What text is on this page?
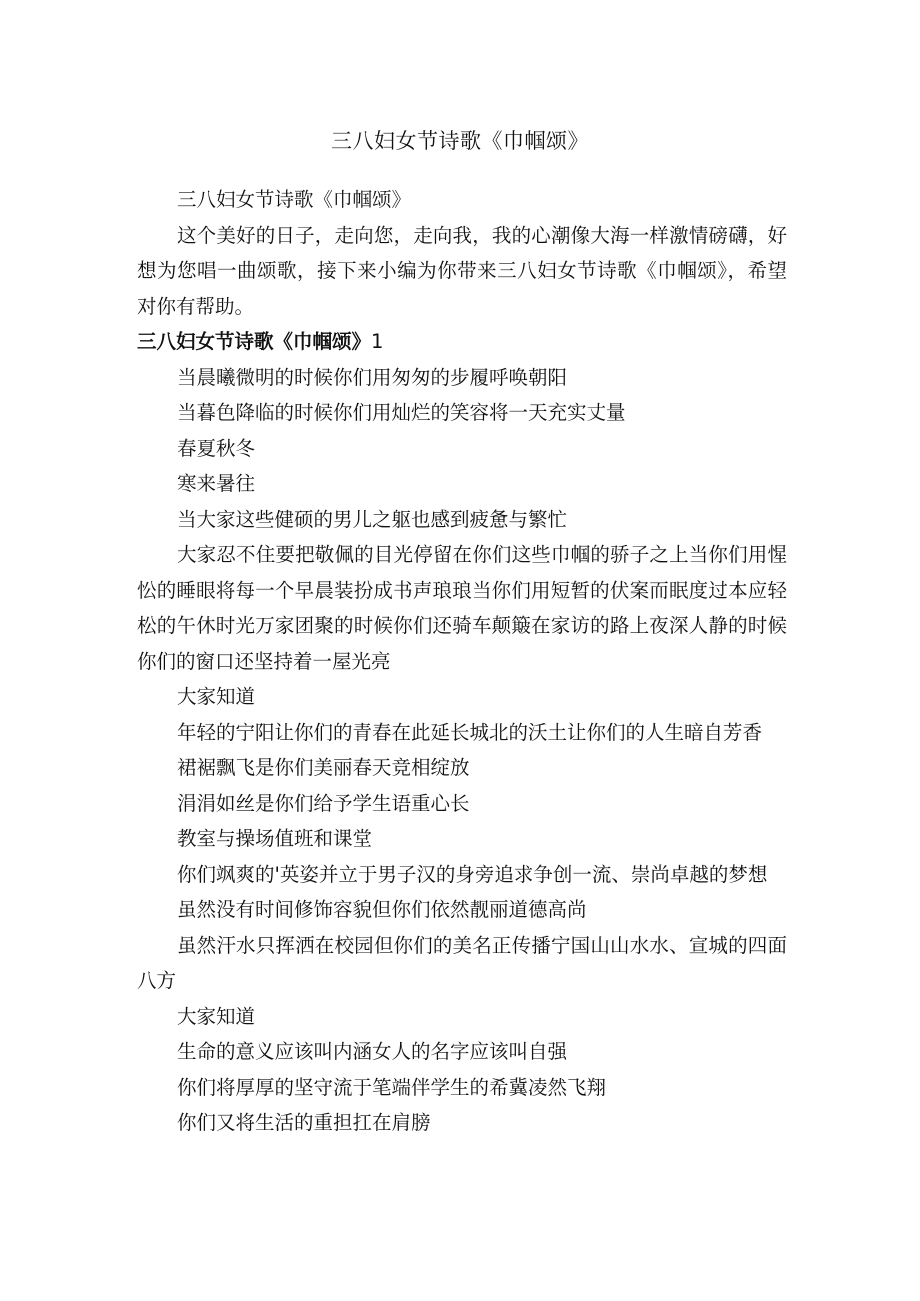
三八妇女节诗歌《巾帼颂》

三八妇女节诗歌《巾帼颂》

这个美好的日子，走向您，走向我，我的心潮像大海一样激情磅礴，好想为您唱一曲颂歌，接下来小编为你带来三八妇女节诗歌《巾帼颂》，希望对你有帮助。

三八妇女节诗歌《巾帼颂》1

当晨曦微明的时候你们用匆匆的步履呼唤朝阳

当暮色降临的时候你们用灿烂的笑容将一天充实丈量

春夏秋冬

寒来暑往

当大家这些健硕的男儿之躯也感到疲惫与繁忙

大家忍不住要把敬佩的目光停留在你们这些巾帼的骄子之上当你们用惺忪的睡眼将每一个早晨装扮成书声琅琅当你们用短暂的伏案而眠度过本应轻松的午休时光万家团聚的时候你们还骑车颠簸在家访的路上夜深人静的时候你们的窗口还坚持着一屋光亮

大家知道

年轻的宁阳让你们的青春在此延长城北的沃土让你们的人生暗自芳香

裙裾飘飞是你们美丽春天竞相绽放

涓涓如丝是你们给予学生语重心长

教室与操场值班和课堂

你们飒爽的'英姿并立于男子汉的身旁追求争创一流、崇尚卓越的梦想

虽然没有时间修饰容貌但你们依然靓丽道德高尚

虽然汗水只挥洒在校园但你们的美名正传播宁国山山水水、宣城的四面八方

大家知道

生命的意义应该叫内涵女人的名字应该叫自强

你们将厚厚的坚守流于笔端伴学生的希冀凌然飞翔

你们又将生活的重担扛在肩膀
